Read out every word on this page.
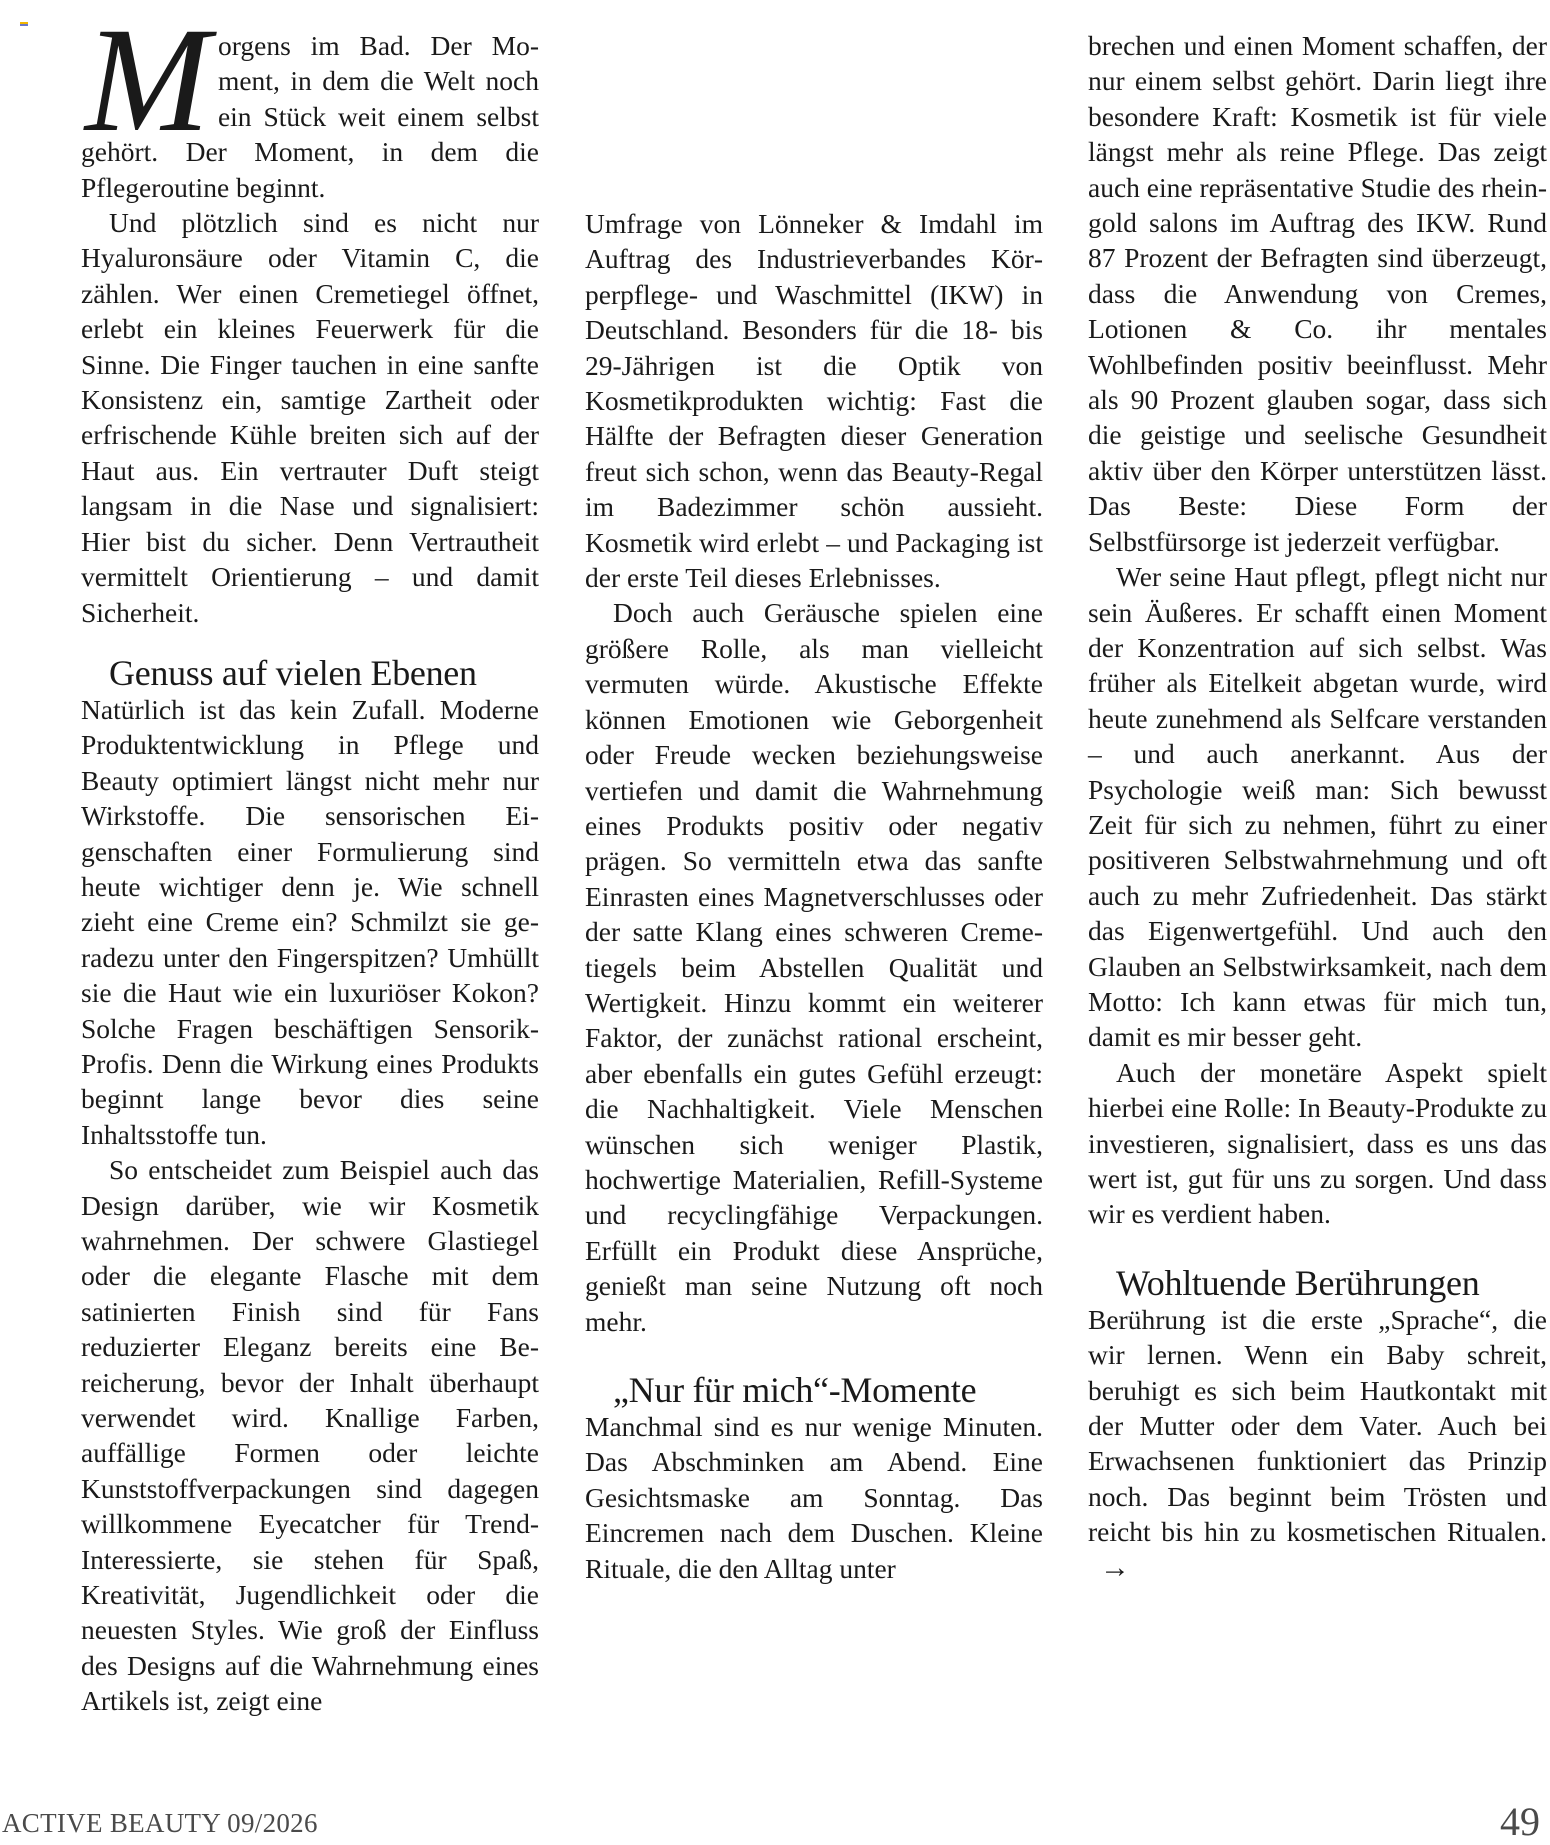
Morgens im Bad. Der Moment, in dem die Welt noch ein Stück weit einem selbst gehört. Der Moment, in dem die Pflegeroutine beginnt.

Und plötzlich sind es nicht nur Hyaluronsäure oder Vitamin C, die zählen. Wer einen Cremetiegel öffnet, erlebt ein kleines Feuerwerk für die Sinne. Die Finger tauchen in eine sanfte Konsistenz ein, samtige Zartheit oder erfrischende Kühle breiten sich auf der Haut aus. Ein vertrauter Duft steigt langsam in die Nase und signalisiert: Hier bist du sicher. Denn Vertrautheit vermittelt Orientierung – und damit Sicherheit.

Genuss auf vielen Ebenen

Natürlich ist das kein Zufall. Moderne Produktentwicklung in Pflege und Beauty optimiert längst nicht mehr nur Wirkstoffe. Die sensorischen Eigenschaften einer Formulierung sind heute wichtiger denn je. Wie schnell zieht eine Creme ein? Schmilzt sie geradezu unter den Fingerspitzen? Umhüllt sie die Haut wie ein luxuriöser Kokon? Solche Fragen beschäftigen Sensorik-Profis. Denn die Wirkung eines Produkts beginnt lange bevor dies seine Inhaltsstoffe tun.

So entscheidet zum Beispiel auch das Design darüber, wie wir Kosmetik wahrnehmen. Der schwere Glastiegel oder die elegante Flasche mit dem satinierten Finish sind für Fans reduzierter Eleganz bereits eine Bereicherung, bevor der Inhalt überhaupt verwendet wird. Knallige Farben, auffällige Formen oder leichte Kunststoffverpackungen sind dagegen willkommene Eyecatcher für Trend-Interessierte, sie stehen für Spaß, Kreativität, Jugendlichkeit oder die neuesten Styles. Wie groß der Einfluss des Designs auf die Wahrnehmung eines Artikels ist, zeigt eine

Umfrage von Lönneker & Imdahl im Auftrag des Industrieverbandes Körperpflege- und Waschmittel (IKW) in Deutschland. Besonders für die 18- bis 29-Jährigen ist die Optik von Kosmetikprodukten wichtig: Fast die Hälfte der Befragten dieser Generation freut sich schon, wenn das Beauty-Regal im Badezimmer schön aussieht. Kosmetik wird erlebt – und Packaging ist der erste Teil dieses Erlebnisses.

Doch auch Geräusche spielen eine größere Rolle, als man vielleicht vermuten würde. Akustische Effekte können Emotionen wie Geborgenheit oder Freude wecken beziehungsweise vertiefen und damit die Wahrnehmung eines Produkts positiv oder negativ prägen. So vermitteln etwa das sanfte Einrasten eines Magnetverschlusses oder der satte Klang eines schweren Cremetiegels beim Abstellen Qualität und Wertigkeit. Hinzu kommt ein weiterer Faktor, der zunächst rational erscheint, aber ebenfalls ein gutes Gefühl erzeugt: die Nachhaltigkeit. Viele Menschen wünschen sich weniger Plastik, hochwertige Materialien, Refill-Systeme und recyclingfähige Verpackungen. Erfüllt ein Produkt diese Ansprüche, genießt man seine Nutzung oft noch mehr.

„Nur für mich“-Momente

Manchmal sind es nur wenige Minuten. Das Abschminken am Abend. Eine Gesichtsmaske am Sonntag. Das Eincremen nach dem Duschen. Kleine Rituale, die den Alltag unter

brechen und einen Moment schaffen, der nur einem selbst gehört. Darin liegt ihre besondere Kraft: Kosmetik ist für viele längst mehr als reine Pflege. Das zeigt auch eine repräsentative Studie des rheingold salons im Auftrag des IKW. Rund 87 Prozent der Befragten sind überzeugt, dass die Anwendung von Cremes, Lotionen & Co. ihr mentales Wohlbefinden positiv beeinflusst. Mehr als 90 Prozent glauben sogar, dass sich die geistige und seelische Gesundheit aktiv über den Körper unterstützen lässt. Das Beste: Diese Form der Selbstfürsorge ist jederzeit verfügbar.

Wer seine Haut pflegt, pflegt nicht nur sein Äußeres. Er schafft einen Moment der Konzentration auf sich selbst. Was früher als Eitelkeit abgetan wurde, wird heute zunehmend als Selfcare verstanden – und auch anerkannt. Aus der Psychologie weiß man: Sich bewusst Zeit für sich zu nehmen, führt zu einer positiveren Selbstwahrnehmung und oft auch zu mehr Zufriedenheit. Das stärkt das Eigenwertgefühl. Und auch den Glauben an Selbstwirksamkeit, nach dem Motto: Ich kann etwas für mich tun, damit es mir besser geht.

Auch der monetäre Aspekt spielt hierbei eine Rolle: In Beauty-Produkte zu investieren, signalisiert, dass es uns das wert ist, gut für uns zu sorgen. Und dass wir es verdient haben.

Wohltuende Berührungen

Berührung ist die erste „Sprache“, die wir lernen. Wenn ein Baby schreit, beruhigt es sich beim Hautkontakt mit der Mutter oder dem Vater. Auch bei Erwachsenen funktioniert das Prinzip noch. Das beginnt beim Trösten und reicht bis hin zu kosmetischen Ritualen.→

ACTIVE BEAUTY 09/2026	49
